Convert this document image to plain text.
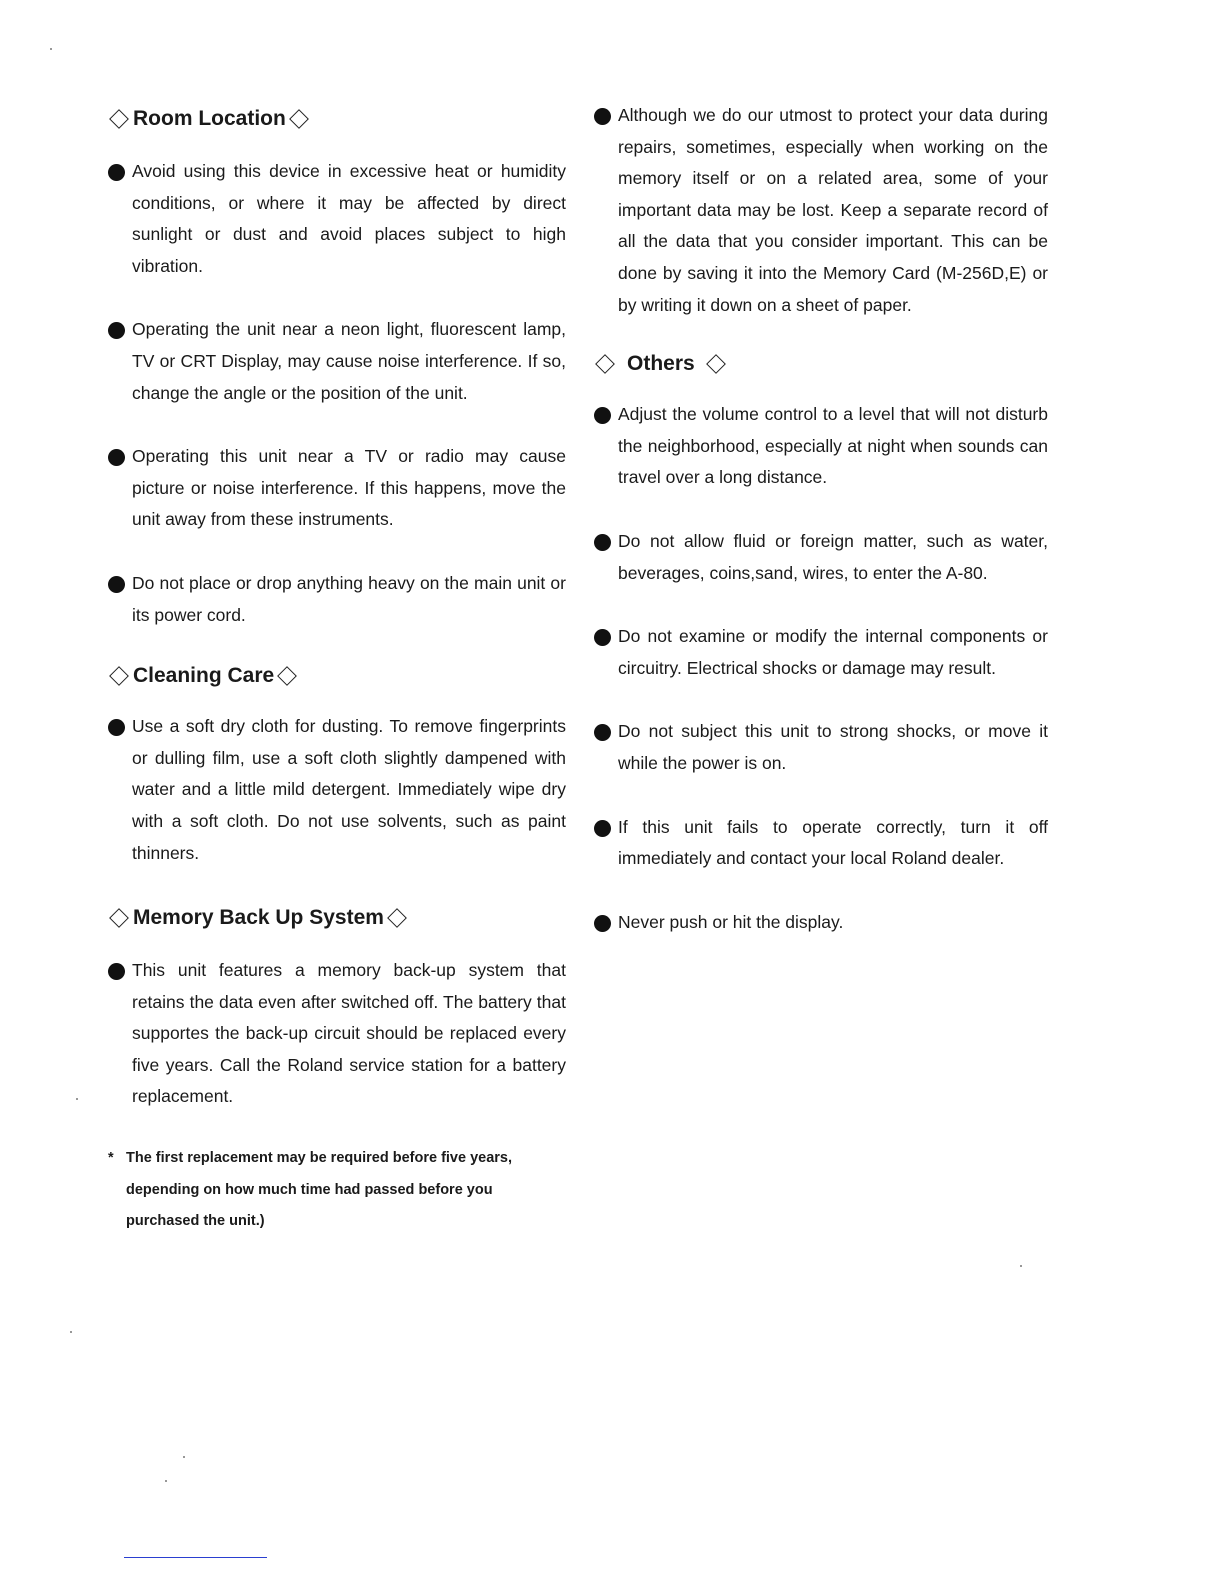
Room Location

Avoid using this device in excessive heat or humidity conditions, or where it may be affected by direct sunlight or dust and avoid places subject to high vibration.

Operating the unit near a neon light, fluorescent lamp, TV or CRT Display, may cause noise interference. If so, change the angle or the position of the unit.

Operating this unit near a TV or radio may cause picture or noise interference. If this happens, move the unit away from these instruments.

Do not place or drop anything heavy on the main unit or its power cord.

Cleaning Care

Use a soft dry cloth for dusting. To remove fingerprints or dulling film, use a soft cloth slightly dampened with water and a little mild detergent. Immediately wipe dry with a soft cloth. Do not use solvents, such as paint thinners.

Memory Back Up System

This unit features a memory back-up system that retains the data even after switched off. The battery that supportes the back-up circuit should be replaced every five years. Call the Roland service station for a battery replacement.

* The first replacement may be required before five years, depending on how much time had passed before you purchased the unit.)

Although we do our utmost to protect your data during repairs, sometimes, especially when working on the memory itself or on a related area, some of your important data may be lost. Keep a separate record of all the data that you consider important. This can be done by saving it into the Memory Card (M-256D,E) or by writing it down on a sheet of paper.

Others

Adjust the volume control to a level that will not disturb the neighborhood, especially at night when sounds can travel over a long distance.

Do not allow fluid or foreign matter, such as water, beverages, coins,sand, wires, to enter the A-80.

Do not examine or modify the internal components or circuitry. Electrical shocks or damage may result.

Do not subject this unit to strong shocks, or move it while the power is on.

If this unit fails to operate correctly, turn it off immediately and contact your local Roland dealer.

Never push or hit the display.
